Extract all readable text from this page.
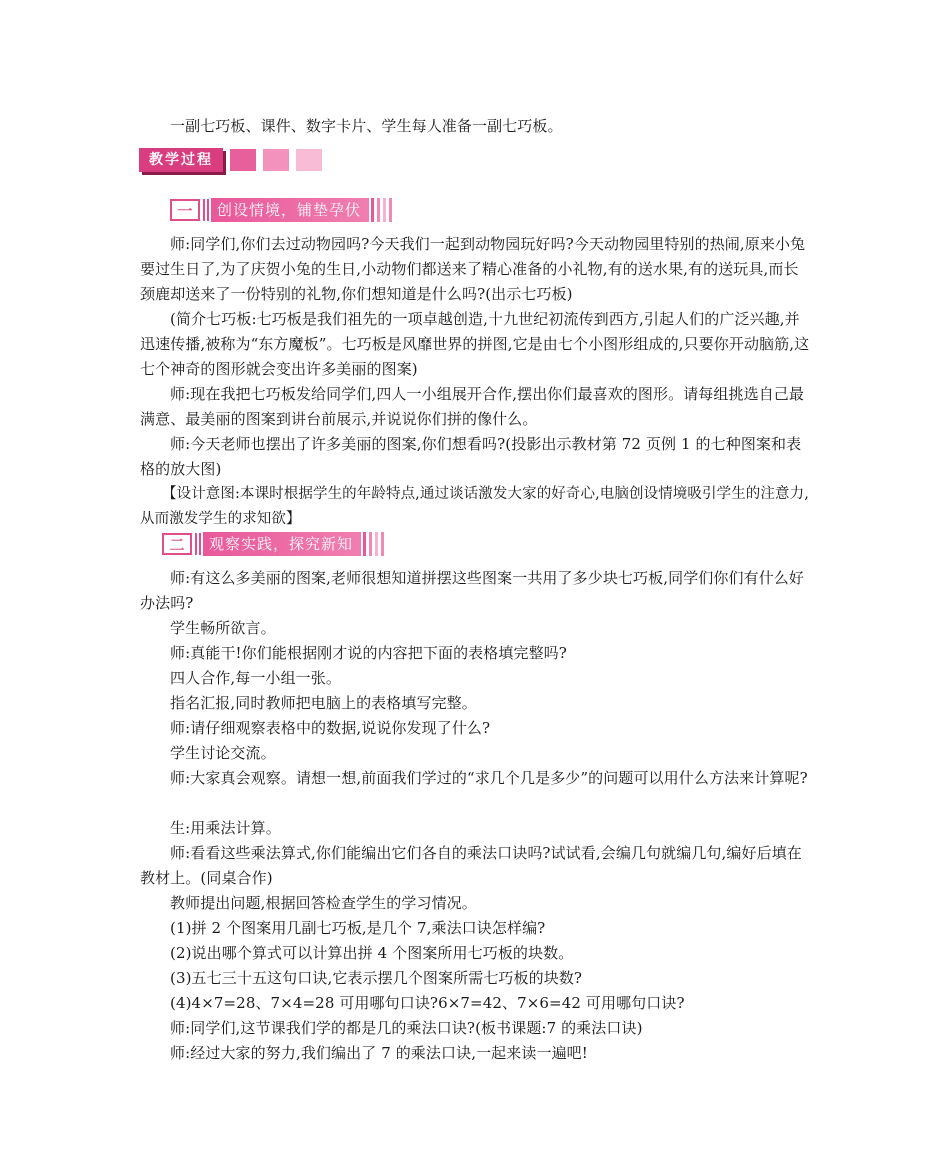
一副七巧板、课件、数字卡片、学生每人准备一副七巧板。

教学过程
一	创设情境，铺垫孕伏

师:同学们,你们去过动物园吗?今天我们一起到动物园玩好吗?今天动物园里特别的热闹,原来小兔要过生日了,为了庆贺小兔的生日,小动物们都送来了精心准备的小礼物,有的送水果,有的送玩具,而长颈鹿却送来了一份特别的礼物,你们想知道是什么吗?(出示七巧板)

(简介七巧板:七巧板是我们祖先的一项卓越创造,十九世纪初流传到西方,引起人们的广泛兴趣,并迅速传播,被称为“东方魔板”。七巧板是风靡世界的拼图,它是由七个小图形组成的,只要你开动脑筋,这七个神奇的图形就会变出许多美丽的图案)

师:现在我把七巧板发给同学们,四人一小组展开合作,摆出你们最喜欢的图形。请每组挑选自己最满意、最美丽的图案到讲台前展示,并说说你们拼的像什么。

师:今天老师也摆出了许多美丽的图案,你们想看吗?(投影出示教材第 72 页例 1 的七种图案和表格的放大图)

【设计意图:本课时根据学生的年龄特点,通过谈话激发大家的好奇心,电脑创设情境吸引学生的注意力,从而激发学生的求知欲】

二	观察实践，探究新知

师:有这么多美丽的图案,老师很想知道拼摆这些图案一共用了多少块七巧板,同学们你们有什么好办法吗?

学生畅所欲言。

师:真能干!你们能根据刚才说的内容把下面的表格填完整吗?

四人合作,每一小组一张。

指名汇报,同时教师把电脑上的表格填写完整。

师:请仔细观察表格中的数据,说说你发现了什么?

学生讨论交流。

师:大家真会观察。请想一想,前面我们学过的“求几个几是多少”的问题可以用什么方法来计算呢?

生:用乘法计算。

师:看看这些乘法算式,你们能编出它们各自的乘法口诀吗?试试看,会编几句就编几句,编好后填在教材上。(同桌合作)

教师提出问题,根据回答检查学生的学习情况。

(1)拼 2 个图案用几副七巧板,是几个 7,乘法口诀怎样编?

(2)说出哪个算式可以计算出拼 4 个图案所用七巧板的块数。

(3)五七三十五这句口诀,它表示摆几个图案所需七巧板的块数?

(4)4×7=28、7×4=28 可用哪句口诀?6×7=42、7×6=42 可用哪句口诀?

师:同学们,这节课我们学的都是几的乘法口诀?(板书课题:7 的乘法口诀)

师:经过大家的努力,我们编出了 7 的乘法口诀,一起来读一遍吧!
